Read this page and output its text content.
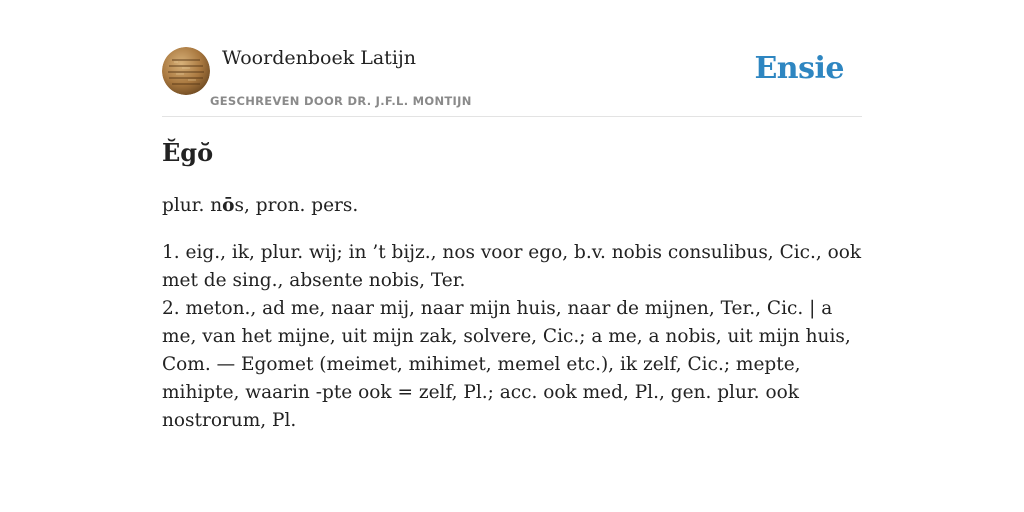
Woordenboek Latijn
GESCHREVEN DOOR DR. J.F.L. MONTIJN
Ensie
Ĕgŏ

plur. nōs, pron. pers.

1. eig., ik, plur. wij; in ’t bijz., nos voor ego, b.v. nobis consulibus, Cic., ook met de sing., absente nobis, Ter.
2. meton., ad me, naar mij, naar mijn huis, naar de mijnen, Ter., Cic. | a me, van het mijne, uit mijn zak, solvere, Cic.; a me, a nobis, uit mijn huis, Com. — Egomet (meimet, mihimet, memel etc.), ik zelf, Cic.; mepte, mihipte, waarin -pte ook = zelf, Pl.; acc. ook med, Pl., gen. plur. ook nostrorum, Pl.
